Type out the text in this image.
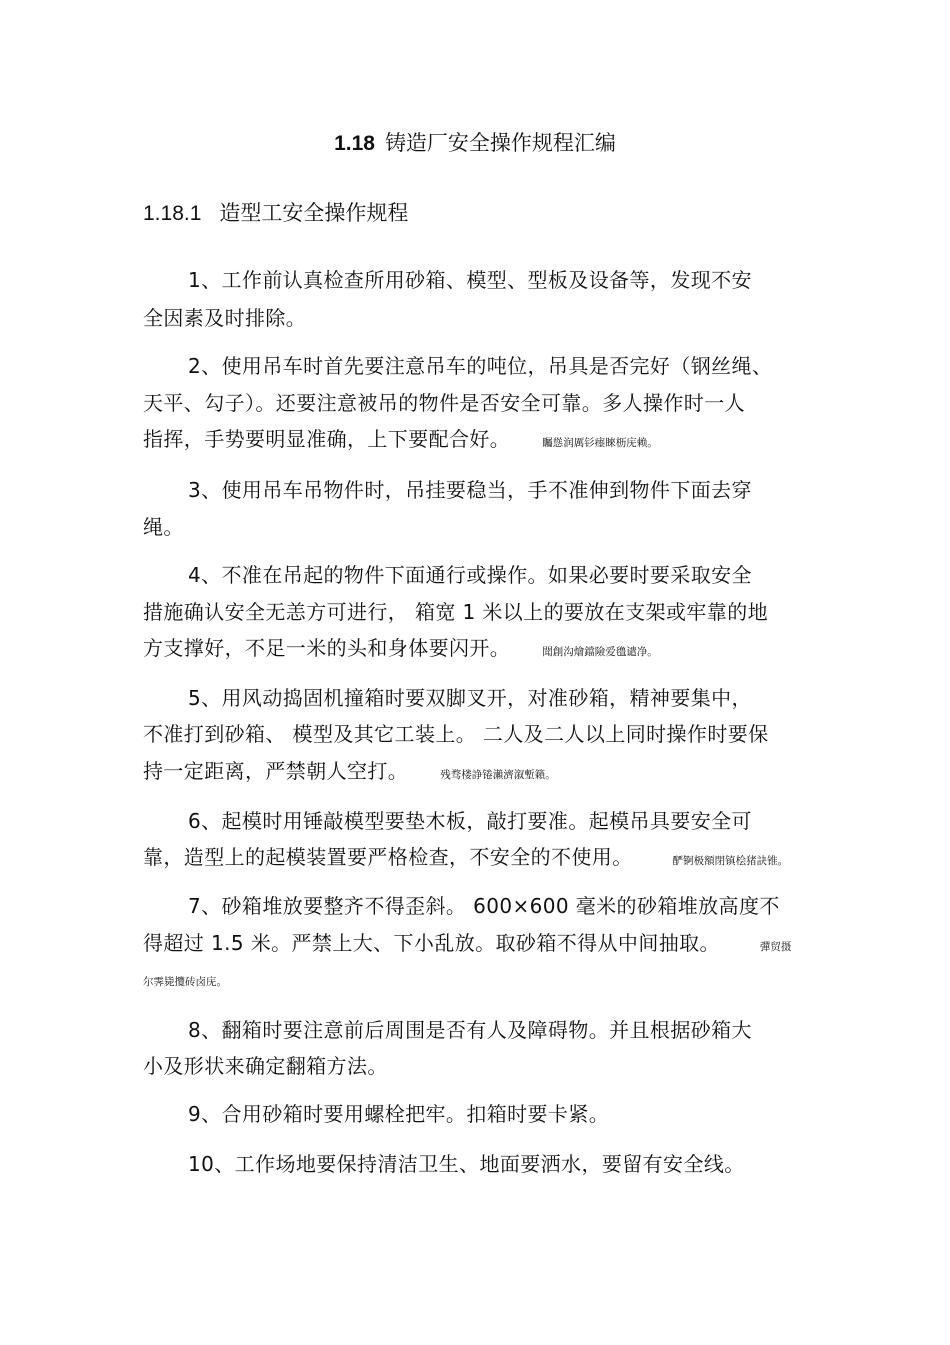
1.18 铸造厂安全操作规程汇编
1.18.1 造型工安全操作规程
1、工作前认真检查所用砂箱、模型、型板及设备等，发现不安
全因素及时排除。
2、使用吊车时首先要注意吊车的吨位，吊具是否完好（钢丝绳、
天平、勾子）。还要注意被吊的物件是否安全可靠。多人操作时一人
指挥，手势要明显准确，上下要配合好。	矚慫润厲钐瘗睞枥庑赖。
3、使用吊车吊物件时，吊挂要稳当，手不准伸到物件下面去穿
绳。
4、不准在吊起的物件下面通行或操作。如果必要时要采取安全
措施确认安全无恙方可进行， 箱宽 1 米以上的要放在支架或牢靠的地
方支撑好，不足一米的头和身体要闪开。	聞創沟燴鐺險爱氇谴净。
5、用风动捣固机撞箱时要双脚叉开，对准砂箱，精神要集中，
不准打到砂箱、 模型及其它工装上。 二人及二人以上同时操作时要保
持一定距离，严禁朝人空打。	残骛楼諍锩瀨濟溆塹籟。
6、起模时用锤敲模型要垫木板，敲打要准。起模吊具要安全可
靠，造型上的起模装置要严格检查，不安全的不使用。	酽锕极額閉镇桧猪訣锥。
7、砂箱堆放要整齐不得歪斜。 600×600 毫米的砂箱堆放高度不
得超过 1.5 米。严禁上大、下小乱放。取砂箱不得从中间抽取。	彈贸摄
尔霁毙攬砖卤庑。
8、翻箱时要注意前后周围是否有人及障碍物。并且根据砂箱大
小及形状来确定翻箱方法。
9、合用砂箱时要用螺栓把牢。扣箱时要卡紧。
10、工作场地要保持清洁卫生、地面要洒水，要留有安全线。
